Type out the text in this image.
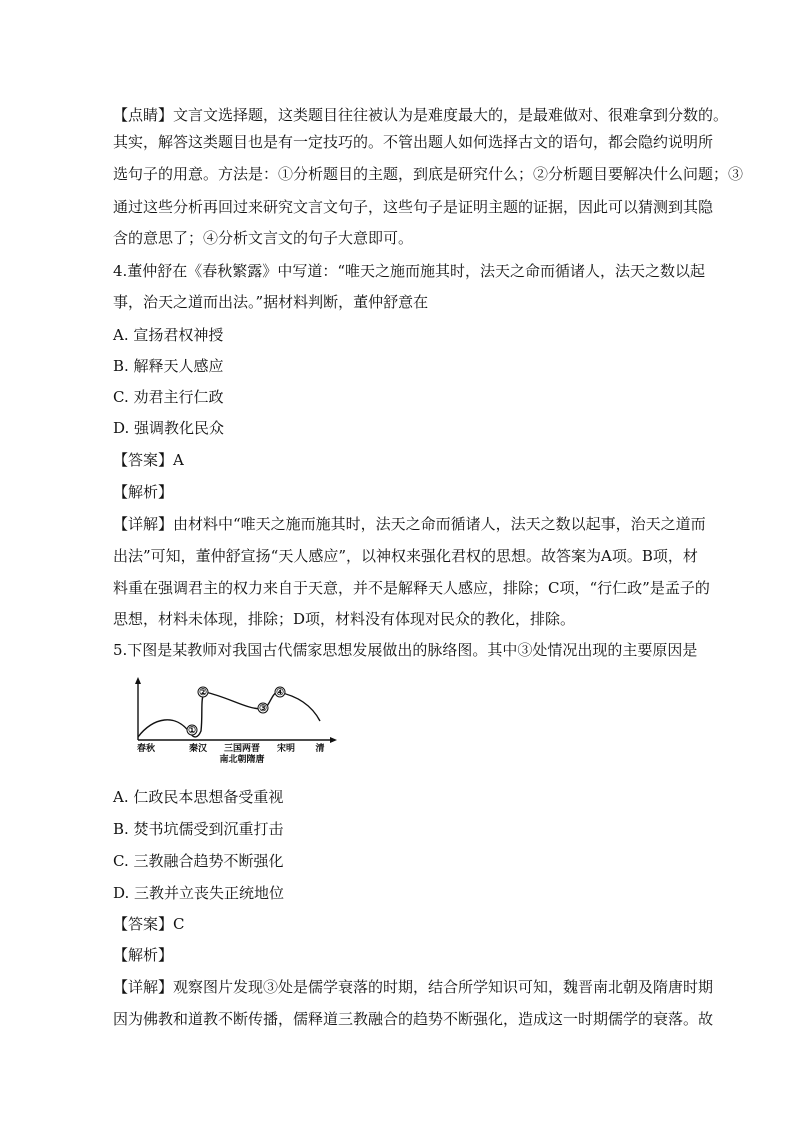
【点睛】文言文选择题，这类题目往往被认为是难度最大的，是最难做对、很难拿到分数的。
其实，解答这类题目也是有一定技巧的。不管出题人如何选择古文的语句，都会隐约说明所
选句子的用意。方法是：①分析题目的主题，到底是研究什么；②分析题目要解决什么问题；③
通过这些分析再回过来研究文言文句子，这些句子是证明主题的证据，因此可以猜测到其隐
含的意思了；④分析文言文的句子大意即可。
4.董仲舒在《春秋繁露》中写道：“唯天之施而施其时，法天之命而循诸人，法天之数以起
事，治天之道而出法。”据材料判断，董仲舒意在
A. 宣扬君权神授
B. 解释天人感应
C. 劝君主行仁政
D. 强调教化民众
【答案】A
【解析】
【详解】由材料中“唯天之施而施其时，法天之命而循诸人，法天之数以起事，治天之道而
出法”可知，董仲舒宣扬“天人感应”，以神权来强化君权的思想。故答案为A项。B项，材
料重在强调君主的权力来自于天意，并不是解释天人感应，排除；C项，“行仁政”是孟子的
思想，材料未体现，排除；D项，材料没有体现对民众的教化，排除。
5.下图是某教师对我国古代儒家思想发展做出的脉络图。其中③处情况出现的主要原因是
①
②
③
④
春秋	秦汉 三国两晋
南北朝隋唐
宋明 清
A. 仁政民本思想备受重视
B. 焚书坑儒受到沉重打击
C. 三教融合趋势不断强化
D. 三教并立丧失正统地位
【答案】C
【解析】
【详解】观察图片发现③处是儒学衰落的时期，结合所学知识可知，魏晋南北朝及隋唐时期
因为佛教和道教不断传播，儒释道三教融合的趋势不断强化，造成这一时期儒学的衰落。故
